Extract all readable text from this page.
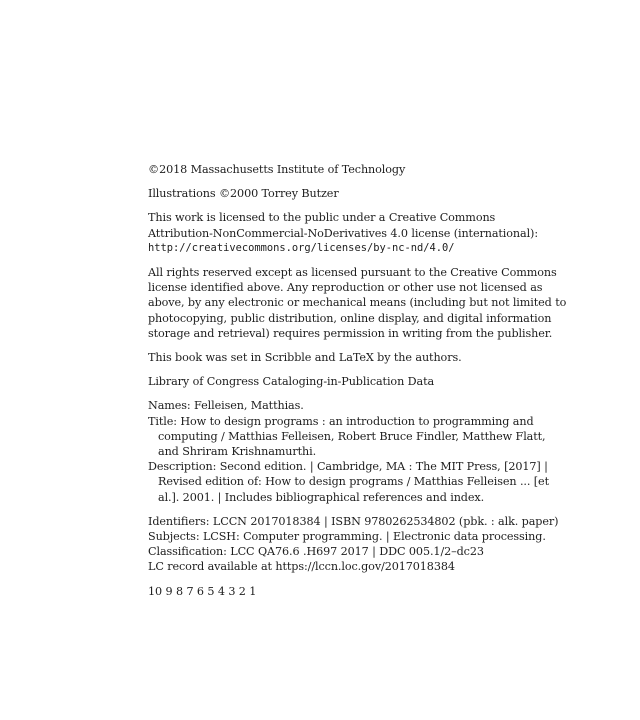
©2018 Massachusetts Institute of Technology

Illustrations ©2000 Torrey Butzer

This work is licensed to the public under a Creative Commons
Attribution-NonCommercial-NoDerivatives 4.0 license (international):
http://creativecommons.org/licenses/by-nc-nd/4.0/

All rights reserved except as licensed pursuant to the Creative Commons
license identified above. Any reproduction or other use not licensed as
above, by any electronic or mechanical means (including but not limited to
photocopying, public distribution, online display, and digital information
storage and retrieval) requires permission in writing from the publisher.

This book was set in Scribble and LaTeX by the authors.

Library of Congress Cataloging-in-Publication Data

Names: Felleisen, Matthias.
Title: How to design programs : an introduction to programming and
computing / Matthias Felleisen, Robert Bruce Findler, Matthew Flatt,
and Shriram Krishnamurthi.
Description: Second edition. | Cambridge, MA : The MIT Press, [2017] |
Revised edition of: How to design programs / Matthias Felleisen ... [et
al.]. 2001. | Includes bibliographical references and index.

Identifiers: LCCN 2017018384 | ISBN 9780262534802 (pbk. : alk. paper)
Subjects: LCSH: Computer programming. | Electronic data processing.
Classification: LCC QA76.6 .H697 2017 | DDC 005.1/2–dc23
LC record available at https://lccn.loc.gov/2017018384

10 9 8 7 6 5 4 3 2 1
